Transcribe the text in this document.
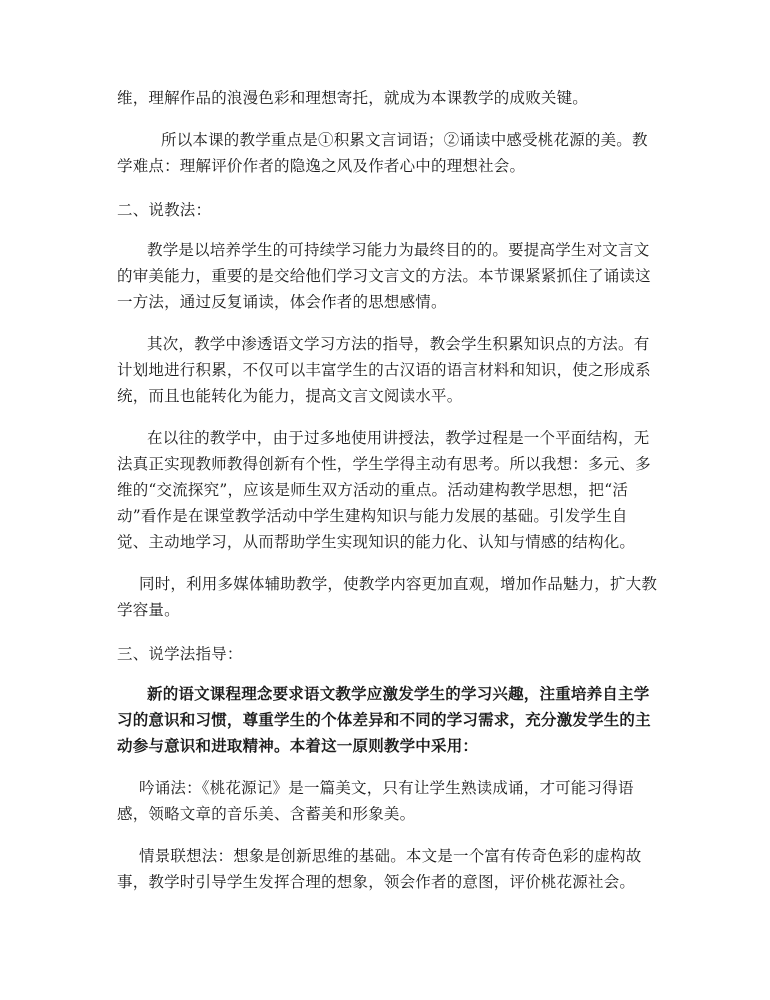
维，理解作品的浪漫色彩和理想寄托，就成为本课教学的成败关键。
所以本课的教学重点是①积累文言词语；②诵读中感受桃花源的美。教
学难点：理解评价作者的隐逸之风及作者心中的理想社会。
二、说教法：
教学是以培养学生的可持续学习能力为最终目的的。要提高学生对文言文
的审美能力，重要的是交给他们学习文言文的方法。本节课紧紧抓住了诵读这
一方法，通过反复诵读，体会作者的思想感情。
其次，教学中渗透语文学习方法的指导，教会学生积累知识点的方法。有
计划地进行积累，不仅可以丰富学生的古汉语的语言材料和知识，使之形成系
统，而且也能转化为能力，提高文言文阅读水平。
在以往的教学中，由于过多地使用讲授法，教学过程是一个平面结构，无
法真正实现教师教得创新有个性，学生学得主动有思考。所以我想：多元、多
维的“交流探究”，应该是师生双方活动的重点。活动建构教学思想，把“活
动”看作是在课堂教学活动中学生建构知识与能力发展的基础。引发学生自
觉、主动地学习，从而帮助学生实现知识的能力化、认知与情感的结构化。
同时，利用多媒体辅助教学，使教学内容更加直观，增加作品魅力，扩大教
学容量。
三、说学法指导：
新的语文课程理念要求语文教学应激发学生的学习兴趣，注重培养自主学
习的意识和习惯，尊重学生的个体差异和不同的学习需求，充分激发学生的主
动参与意识和进取精神。本着这一原则教学中采用：
吟诵法：《桃花源记》是一篇美文，只有让学生熟读成诵，才可能习得语
感，领略文章的音乐美、含蓄美和形象美。
情景联想法：想象是创新思维的基础。本文是一个富有传奇色彩的虚构故
事，教学时引导学生发挥合理的想象，领会作者的意图，评价桃花源社会。
